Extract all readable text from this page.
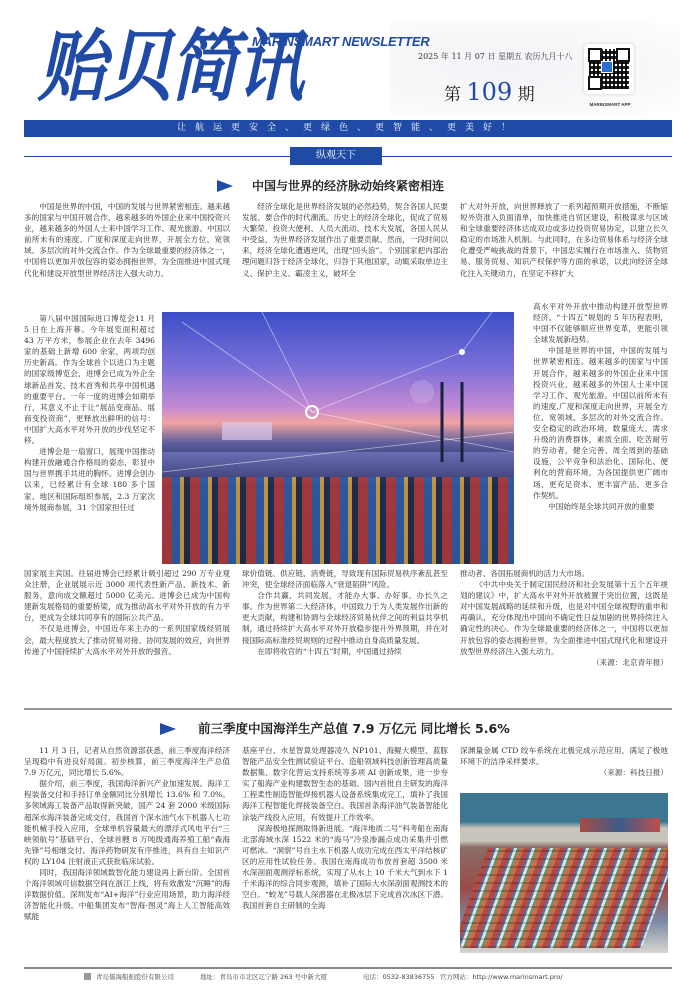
贻贝简讯
MARINSMART NEWSLETTER
2025 年 11 月 07 日 星期五 农历九月十八
第 109 期	MARINSMART APP
让航运更安全、更绿色、更智能、更美好！
纵观天下
中国与世界的经济脉动始终紧密相连

中国是世界的中国，中国的发展与世界紧密相连。越来越多的国家与中国开展合作，越来越多的外国企业来中国投资兴业，越来越多的外国人士来中国学习工作、观光旅游。中国以前所未有的速度、广度和深度走向世界，开展全方位、宽领域、多层次的对外交流合作。作为全球最重要的经济体之一，中国将以更加开放包容的姿态拥抱世界，为全面推进中国式现代化和建设开放型世界经济注入强大动力。

第八届中国国际进口博览会11 月 5 日在上海开幕。今年展览面积超过 43 万平方米，参展企业在去年 3496 家的基础上新增 600 余家，两项均创历史新高。作为全球首个以进口为主题的国家级博览会，进博会已成为外企全球新品首发、技术首秀和共享中国机遇的重要平台。一年一度的进博会如期举行，其意义不止于让“展品变商品、展商变投资商”，更释放出鲜明的信号：中国扩大高水平对外开放的步伐坚定不移。

进博会是一扇窗口，展现中国推动构建开放融通合作格局的姿态，彰显中国与世界携手共进的胸怀。进博会创办以来，已经累计有全球 180 多个国家、地区和国际组织参展，2.3 万家次境外展商参展，31 个国家担任过

国家展主宾国。往届进博会已经累计吸引超过 290 万专业观众注册，企业展展示近 3000 项代表性新产品、新技术、新服务，意向成交额超过 5000 亿美元。进博会已成为中国构建新发展格局的重要桥梁，成为推动高水平对外开放的有力平台，更成为全球共同享有的国际公共产品。

不仅是进博会，中国近年来主办的一系列国家级经贸展会，最大程度放大了推动贸易对接、协同发展的效应，向世界传递了中国持续扩大高水平对外开放的强音。

经济全球化是世界经济发展的必然趋势，契合各国人民要发展、要合作的时代潮流。历史上的经济全球化，促成了贸易大繁荣、投资大便利、人员大流动、技术大发展，各国人民从中受益，为世界经济发展作出了重要贡献。然而，一段时间以来，经济全球化遭遇逆风，出现“回头浪”。个别国家把内部治理问题归咎于经济全球化，归咎于其他国家，动辄采取单边主义、保护主义、霸凌主义，破坏全

球价值链、供应链、消费链，导致现有国际贸易秩序紊乱甚至冲突，使全球经济面临落入“衰退陷阱”风险。

合作共赢、共同发展，才能办大事、办好事、办长久之事。作为世界第二大经济体，中国致力于为人类发展作出新的更大贡献，构建和协调与全球经济贸易伙伴之间的利益共享机制，通过持续扩大高水平对外开放稳步提升外界预期，并在对接国际高标准经贸规则的过程中推动自身高质量发展。

在即将收官的“十四五”时期，中国通过持续

扩大对外开放，向世界释放了一系列超预期开放措施，不断缩短外资准入负面清单，加快推进自贸区建设，积极谋求与区域和全球重要经济体达成双边或多边投资贸易协定，以建立长久稳定的市场准入机制。与此同时，在多边贸易体系与经济全球化遭受严峻挑战的背景下，中国忠实履行在市场准入、货物贸易、服务贸易、知识产权保护等方面的承诺，以此向经济全球化注入关键动力，在坚定不移扩大

高水平对外开放中推动构建开放型世界经济。“十四五”规划的 5 年历程表明，中国不仅能够顺应世界变革，更能引领全球发展新趋势。

中国是世界的中国，中国的发展与世界紧密相连。越来越多的国家与中国开展合作，越来越多的外国企业来中国投资兴业，越来越多的外国人士来中国学习工作、观光旅游。中国以前所未有的速度,广度和深度走向世界，开展全方位、宽领域、多层次的对外交流合作。安全稳定的政治环境，数量庞大、需求升级的消费群体，素质全面、吃苦耐劳的劳动者，健全完善、周全周到的基础设施，公平竞争和法治化、国际化、便利化的营商环境，为各国提供更广阔市场、更充足资本、更丰富产品、更多合作契机。

中国始终是全球共同开放的重要

推动者、各国拓展商机的活力大市场。

《中共中央关于制定国民经济和社会发展第十五个五年规划的建议》中，扩大高水平对外开放被置于突出位置，这既是对中国发展战略的延续和升级，也是对中国全球视野的重申和再确认，充分体现出中国向不确定性日益加剧的世界持续注入确定性的决心。作为全球最重要的经济体之一，中国将以更加开放包容的姿态拥抱世界，为全面推进中国式现代化和建设开放型世界经济注入强大动力。

（来源：北京青年报）

前三季度中国海洋生产总值 7.9 万亿元 同比增长 5.6%

11 月 3 日，记者从自然资源部获悉，前三季度海洋经济呈现稳中有进良好局面。初步核算，前三季度海洋生产总值 7.9 万亿元，同比增长 5.6%。

据介绍，前三季度，我国海洋新兴产业加速发展。海洋工程装备交付和手持订单金额同比分别增长 13.6% 和 7.0%。多领域海工装备产品取得新突破，国产 24 套 2000 米级国际超深水海洋装备完成交付，我国首个深水油气水下机器人七功能机械手投入应用，全球单机容量最大的漂浮式风电平台“三峡领航号”基础平台、全球首艘 8 万吨级通海养殖工船“森海先锋”号相继交付。海洋药物研发有序推进，具有自主知识产权的 LY104 注射液正式获批临床试验。

同时，我国海洋领域数智化能力建设再上新台阶。全国首个海洋领域可信数据空间在浙江上线，将有效激发“沉睡”的海洋数据价值。深圳发布“AI+海洋”行业应用场景，助力海洋经济智能化升级。中船集团发布“智海·图灵”海上人工智能高效赋能

基座平台、水星智算处理器凌久 NP101、海鲲大模型、蓝豚智能产品安全性测试验证平台、造船领域科技创新管理高质量数据集、数字化营运支持系统等多项 AI 创新成果，进一步夯实了船海产业构建数智生态的基础。国内首批自主研发的海洋工程柔性制造智能焊接机器人设备系统集成完工，填补了我国海洋工程智能化焊接装备空白。我国首条海洋油气装备智能化涂装产线投入应用，有效提升工作效率。

深海极地探测取得新进展。“海洋地质二号”科考船在南海北部海域水深 1522 米的“海马”冷泉渗漏点成功采集并引燃可燃冰。“洞察”号自主水下机器人成功完成在西太平洋结核矿区的应用性试验任务。我国在南海成功布放首套超 3500 米水深剖面观测浮标系统，实现了从水上 10 千米大气到水下 1 千米海洋的综合同步观测，填补了国际大水深剖面观测技术的空白。“蛟龙”号载人深潜器在北极冰层下完成首次冰区下潜。我国首套自主研制的全海

深渊量金属 CTD 绞车系统在北极完成示范应用，满足了极地环境下的洁净采样要求。

（来源：科技日报）

青岛儒海船舶股份有限公司	地址：青岛市市北区辽宁路 263 号中新大厦	电话：0532-83836755 官方网站：http://www.marinsmart.pro/
